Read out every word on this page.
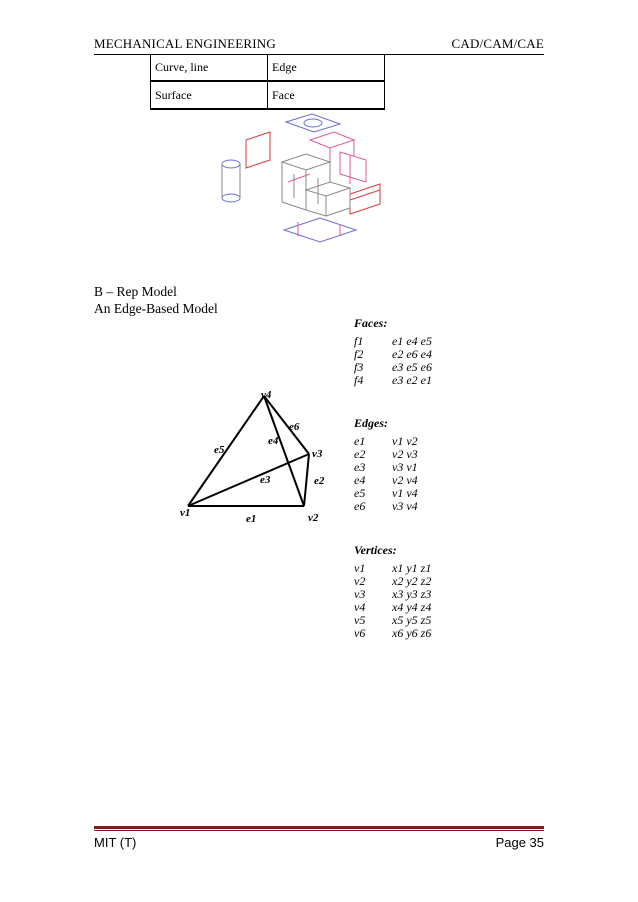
MECHANICAL ENGINEERING	CAD/CAM/CAE
Curve, line	Edge
Surface	Face
B – Rep Model
An Edge-Based Model
v4
v3
v1	v2
e6
e4
e5
e3	e2
e1
Faces:
f1 e1 e4 e5
f2 e2 e6 e4
f3 e3 e5 e6
f4 e3 e2 e1
Edges:
e1 v1 v2
e2 v2 v3
e3 v3 v1
e4 v2 v4
e5 v1 v4
e6 v3 v4
Vertices:
v1 x1 y1 z1
v2 x2 y2 z2
v3 x3 y3 z3
v4 x4 y4 z4
v5 x5 y5 z5
v6 x6 y6 z6
MIT (T)	Page 35
